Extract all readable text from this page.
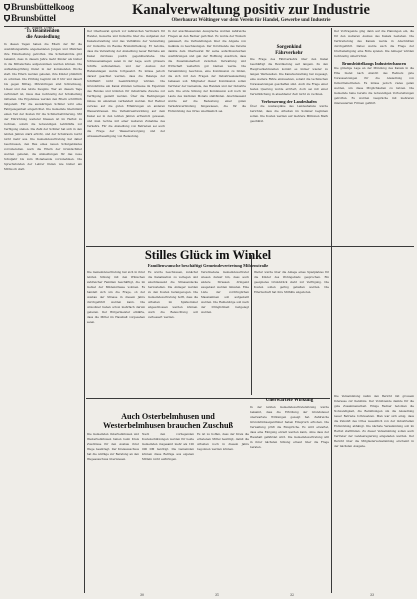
Brunsbüttelkoog
Brunsbüttel
26. März 1960
Kanalverwaltung positiv zur Industrie
Oberbaurat Wöltinger vor dem Verein für Handel, Gewerbe und Industrie
15 Beamtenden
die Aussiedlung
In diesen Tagen haben die Eltern der für die Ausbildungsstätte angemeldeten Jungen und Mädchen ihre Entscheidung getroffen. Die Schulbehörde gibt bekannt, dass in diesem Jahre mehr Kinder als bisher in die Mittelschule aufgenommen werden können. Die Aufnahmeprüfung findet in der kommenden Woche statt. Die Eltern werden gebeten, ihre Kinder pünktlich zu schicken. Die Prüfung beginnt um 8 Uhr und dauert bis gegen Mittag. Mitzubringen sind Schreibzeug, Lineal und das letzte Zeugnis. Wer an diesem Tage verhindert ist, muss dies rechtzeitig der Schulleitung mitteilen. Die Ergebnisse werden den Eltern schriftlich mitgeteilt. Für die auswärtigen Schüler wird eine Fahrgelegenheit eingerichtet. Die Gemeinde übernimmt einen Teil der Kosten für die Schülerbeförderung. Mit der Einrichtung weiterer Klassen ist im Herbst zu rechnen, sofern die notwendigen Lehrkräfte zur Verfügung stehen. Die Zahl der Schüler hat sich in den letzten Jahren stark erhöht, und der Schulraum reicht nicht mehr aus. Die Gemeindevertretung hat daher beschlossen, den Bau eines neuen Schulgebäudes vorzubereiten. Auch die Eltern der Grundschüler werden gebeten, die Anmeldungen für das neue Schuljahr bis zum Monatsende vorzunehmen. Die Sprechstunden der Lehrer finden wie bisher am Mittwoch statt.
Der Oberbaurat sprach vor zahlreichen Vertretern für Handel, Gewerbe und Industrie über die Aufgaben der Kanalverwaltung und das Verhältnis der Verwaltung zur Industrie im Raume Brunsbüttelkoog. Er betonte, dass die Verwaltung der Ansiedlung neuer Betriebe am Kanal durchaus positiv gegenüberstehe. Die Schleusenanlagen seien in der Lage, auch grössere Schiffe aufzunehmen, und der Ausbau der Hafenanlagen werde fortgesetzt. Es müsse jedoch darauf geachtet werden, dass die Belange der Schiffahrt nicht beeinträchtigt würden. Die Grundstücke am Kanal stünden teilweise im Eigentum des Bundes und könnten für industrielle Zwecke zur Verfügung gestellt werden. Über die Bedingungen müsse im einzelnen verhandelt werden. Der Redner verwies auf die guten Erfahrungen an anderen Wasserstrassen. Die Verkehrsentwicklung auf dem Kanal sei in den letzten Jahren erfreulich gewesen, und man rechne mit einer weiteren Zunahme des Verkehrs. Für die Ansiedlung von Betrieben sei auch die Frage der Wasserversorgung und der Abwasserbeseitigung von Bedeutung.
In der anschliessenden Aussprache wurden zahlreiche Fragen an den Redner gerichtet. Es wurde der Wunsch geäussert, die Verhandlungen über die Abgabe von Gelände zu beschleunigen. Der Vorsitzende des Vereins dankte dem Oberbaurat für seine aufschlussreichen Ausführungen und gab der Hoffnung Ausdruck, dass die Zusammenarbeit zwischen Verwaltung und Wirtschaft weiterhin gut bleiben werde. Die Versammlung beschloss, eine Kommission zu bilden, die sich mit den Fragen der Industrieansiedlung befassen soll. Mitglieder dieser Kommission sollen Vertreter der Gemeinde, des Handels und der Industrie sein. Die erste Sitzung der Kommission soll noch im Laufe des nächsten Monats stattfinden. Abschliessend wurde auf die Bedeutung einer guten Verkehrsverbindung hingewiesen, die für die Entwicklung des Ortes unerlässlich sei.
Sorgenkind
Fährverkehr
Die Frage des Fährverkehrs über den Kanal beschäftigt die Bevölkerung seit langem. Zu den Hauptverkehrszeiten kommt es immer wieder zu langen Wartezeiten. Die Kanalverwaltung hat zugesagt, eine weitere Fähre einzusetzen, sobald die technischen Voraussetzungen geschaffen sind. Auch die Frage einer festen Querung wurde erörtert, doch sei mit einer Verwirklichung in absehbarer Zeit nicht zu rechnen.
Verbesserung der Landeshafen
Über die Ausbaupläne des Landeshafens wurde berichtet, dass die Arbeiten im Sommer beginnen sollen. Die Kosten werden auf mehrere Millionen Mark geschätzt.
Der Vortragende ging dann auf die Planungen ein, die für den weiteren Ausbau des Kanals bestehen. Die Verbreiterung des Kanals werde in Abschnitten durchgeführt. Dabei werde auch die Frage der Uferbefestigung eine Rolle spielen. Die Anlieger würden rechtzeitig unterrichtet.
Brunsbüttelkoogs Industriechancen
Die günstige Lage an der Mündung des Kanals in die Elbe bietet nach Ansicht des Redners gute Voraussetzungen für die Ansiedlung von Industriebetrieben. Es müsse jedoch vieles getan werden, um diese Möglichkeiten zu nutzen. Die Gemeinde habe bereits die notwendigen Vorbereitungen getroffen. Es wurden Gespräche mit mehreren interessierten Firmen geführt.
Stilles Glück im Winkel
Familienwunsche beschäftigt Gemeindevertretung Mildenstraße
Die Gemeindevertretung hat sich in ihrer letzten Sitzung mit den Wünschen zahlreicher Familien beschäftigt, die im Gebiet der Mildenstrasse wohnen. Es handelt sich um die Frage, ob der Ausbau der Strasse in diesem Jahre durchgeführt werden kann. Die Anwohner haben schon mehrfach darum gebeten. Der Bürgermeister erklärte, dass die Mittel im Haushalt vorgesehen seien.
Es wurde beschlossen, zunächst die Kanalisation zu verlegen und anschliessend die Strassendecke herzustellen. Die Anlieger werden zu den Kosten herangezogen. Die Gemeindevertretung hofft, dass die Arbeiten im Spätsommer abgeschlossen werden können. Auch die Beleuchtung soll verbessert werden.
Verschiedene Gemeindevertreter wiesen darauf hin, dass auch andere Strassen dringend ausgebaut werden müssten. Eine Liste der vordringlichen Massnahmen soll aufgestellt werden. Die Reihenfolge soll nach der Dringlichkeit festgelegt werden.
Weiter wurde über die Anlage eines Spielplatzes für die Kinder des Wohngebiets gesprochen. Ein geeignetes Grundstück steht zur Verfügung. Die Kosten sollen gering gehalten werden. Die Elternschaft hat ihre Mithilfe angeboten.
Unerwartete Wirkung
In der letzten Gemeindevertretersitzung wurde bekannt, dass die Erhöhung der Grundsteuer unerwartete Wirkungen gezeigt hat. Zahlreiche Grundstückseigentümer haben Einspruch erhoben. Die Verwaltung prüft die Einsprüche. Es wird erwartet, dass eine Einigung erzielt werden kann, ohne dass der Haushalt gefährdet wird. Die Gemeindevertretung will in ihrer nächsten Sitzung erneut über die Frage beraten.
Auch Osterbelmhusen und
Westerbelmhusen brauchen Zuschuß
Die Gemeinden Osterbelmhusen und Westerbelmhusen haben beim Kreis Zuschüsse für den Ausbau ihrer Wege beantragt. Der Kreisausschuss hat die Anträge zur Beratung an den Wegeausschuss überwiesen.
Nach den vorliegenden Kostenschätzungen werden für beide Gemeinden insgesamt mehr als 100 000 DM benötigt. Die Gemeinden können diese Beträge aus eigenen Mitteln nicht aufbringen.
Es ist zu hoffen, dass der Kreis die erbetenen Mittel bewilligt, damit die Arbeiten noch in diesem Jahre begonnen werden können.
Die Versammlung nahm den Bericht mit grossem Interesse zur Kenntnis. Der Vorsitzende dankte für die gute Zusammenarbeit. Einige Redner betonten die Notwendigkeit, die Bemühungen um die Ansiedlung neuer Betriebe fortzusetzen. Man war sich einig, dass die Zukunft des Ortes wesentlich von der industriellen Entwicklung abhängt. Die nächste Versammlung soll im Herbst stattfinden. Zu dieser Versammlung sollen auch Vertreter der Landesregierung eingeladen werden. Der Bericht über die Mitgliederversammlung erscheint in der nächsten Ausgabe.
30	31	32	33
